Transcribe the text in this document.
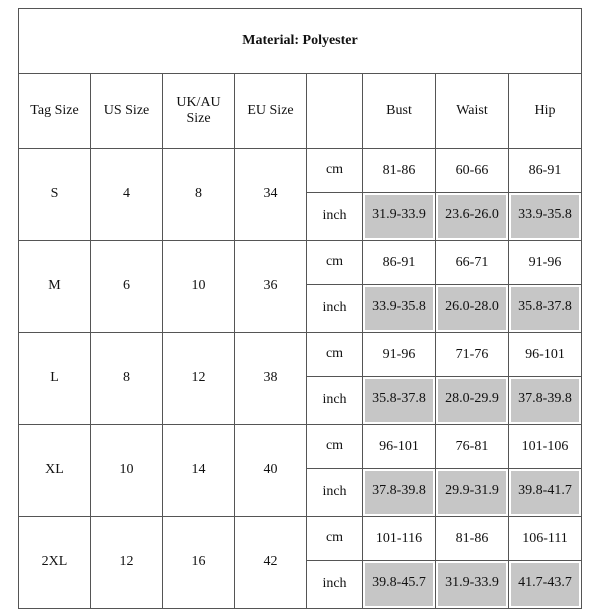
Material: Polyester							
Tag Size	US Size	UK/AU Size	EU Size		Bust	Waist	Hip
S	4	8	34	cm	81-86	60-66	86-91

				inch	31.9-33.9	23.6-26.0	33.9-35.8

M	6	10	36	cm	86-91	66-71	91-96

				inch	33.9-35.8	26.0-28.0	35.8-37.8

L	8	12	38	cm	91-96	71-76	96-101

				inch	35.8-37.8	28.0-29.9	37.8-39.8

XL	10	14	40	cm	96-101	76-81	101-106

				inch	37.8-39.8	29.9-31.9	39.8-41.7

2XL	12	16	42	cm	101-116	81-86	106-111

				inch	39.8-45.7	31.9-33.9	41.7-43.7
